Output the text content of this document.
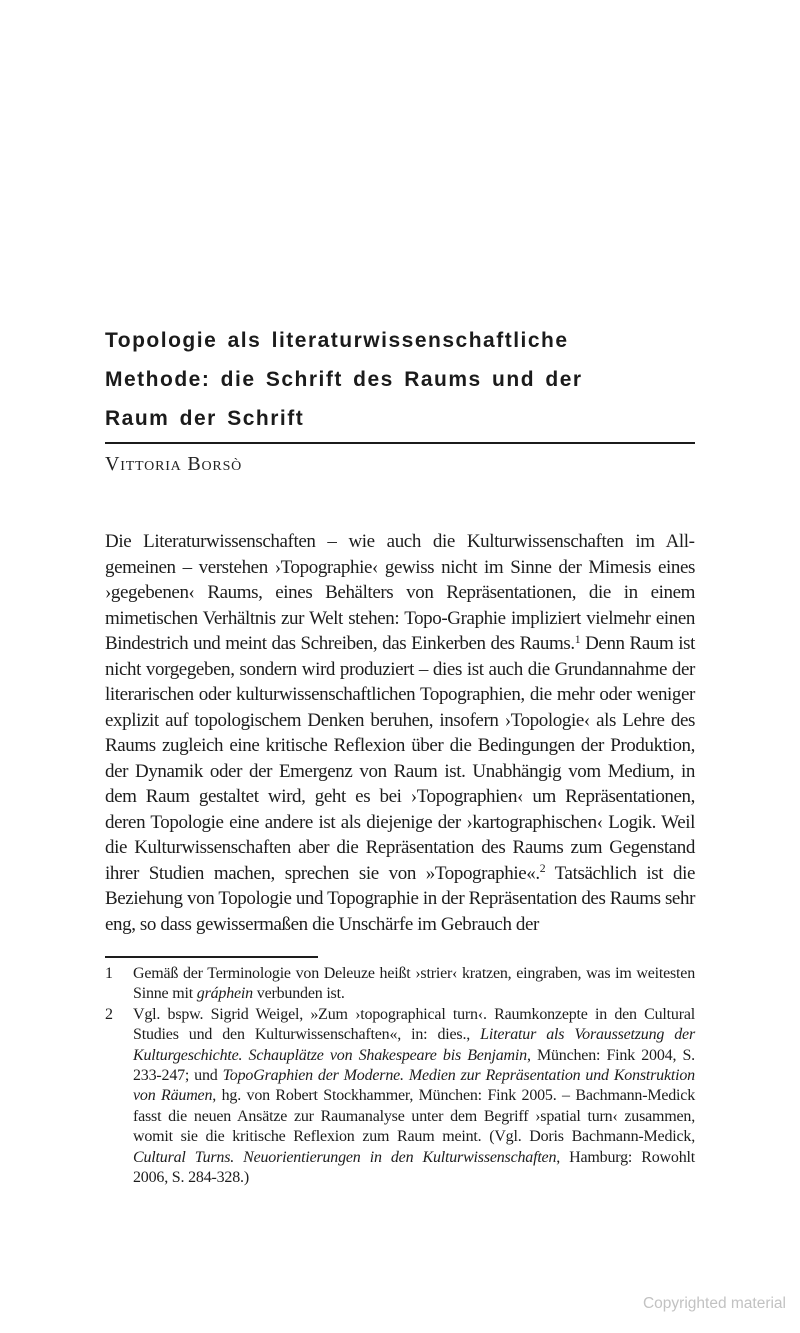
Topologie als literaturwissenschaftliche
Methode: die Schrift des Raums und der
Raum der Schrift
Vittoria Borsò

Die Literaturwissenschaften – wie auch die Kulturwissenschaften im Allgemeinen – verstehen ›Topographie‹ gewiss nicht im Sinne der Mimesis eines ›gegebenen‹ Raums, eines Behälters von Repräsentationen, die in einem mimetischen Verhältnis zur Welt stehen: Topo-Graphie impliziert vielmehr einen Bindestrich und meint das Schreiben, das Einkerben des Raums.$^1$ Denn Raum ist nicht vorgegeben, sondern wird produziert – dies ist auch die Grundannahme der literarischen oder kulturwissenschaftlichen Topographien, die mehr oder weniger explizit auf topologischem Denken beruhen, insofern ›Topologie‹ als Lehre des Raums zugleich eine kritische Reflexion über die Bedingungen der Produktion, der Dynamik oder der Emergenz von Raum ist. Unabhängig vom Medium, in dem Raum gestaltet wird, geht es bei ›Topographien‹ um Repräsentationen, deren Topologie eine andere ist als diejenige der ›kartographischen‹ Logik. Weil die Kulturwissenschaften aber die Repräsentation des Raums zum Gegenstand ihrer Studien machen, sprechen sie von »Topographie«.$^2$ Tatsächlich ist die Beziehung von Topologie und Topographie in der Repräsentation des Raums sehr eng, so dass gewissermaßen die Unschärfe im Gebrauch der

1 Gemäß der Terminologie von Deleuze heißt ›strier‹ kratzen, eingraben, was im weitesten Sinne mit gráphein verbunden ist.
2 Vgl. bspw. Sigrid Weigel, »Zum ›topographical turn‹. Raumkonzepte in den Cultural Studies und den Kulturwissenschaften«, in: dies., Literatur als Voraussetzung der Kulturgeschichte. Schauplätze von Shakespeare bis Benjamin, München: Fink 2004, S. 233-247; und TopoGraphien der Moderne. Medien zur Repräsentation und Konstruktion von Räumen, hg. von Robert Stockhammer, München: Fink 2005. – Bachmann-Medick fasst die neuen Ansätze zur Raumanalyse unter dem Begriff ›spatial turn‹ zusammen, womit sie die kritische Reflexion zum Raum meint. (Vgl. Doris Bachmann-Medick, Cultural Turns. Neuorientierungen in den Kulturwissenschaften, Hamburg: Rowohlt 2006, S. 284-328.)
Copyrighted material
